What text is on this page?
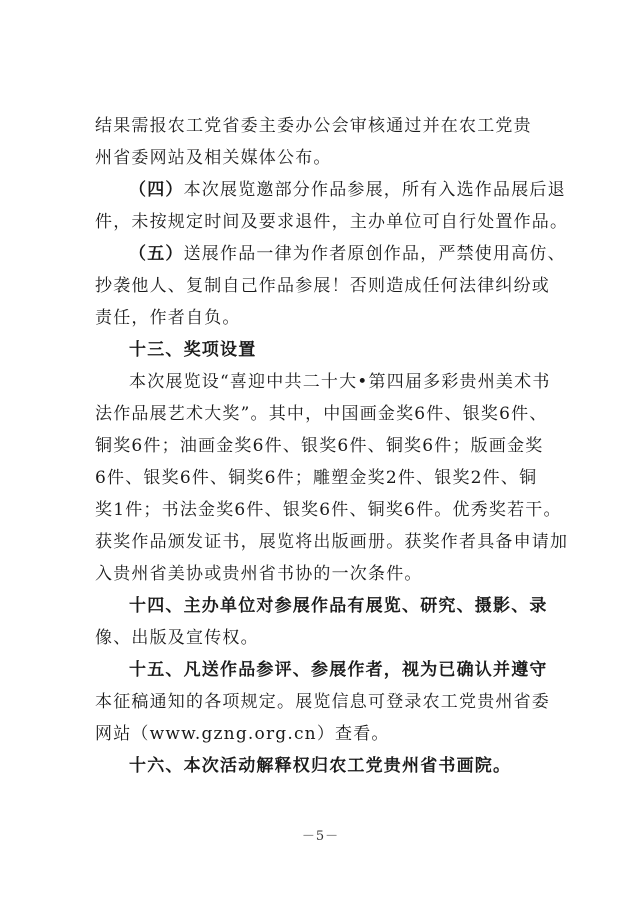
结果需报农工党省委主委办公会审核通过并在农工党贵
州省委网站及相关媒体公布。
（四）本次展览邀部分作品参展，所有入选作品展后退
件，未按规定时间及要求退件，主办单位可自行处置作品。
（五）送展作品一律为作者原创作品，严禁使用高仿、
抄袭他人、复制自己作品参展！否则造成任何法律纠纷或
责任，作者自负。
十三、奖项设置
本次展览设“喜迎中共二十大•第四届多彩贵州美术书
法作品展艺术大奖”。其中，中国画金奖6件、银奖6件、
铜奖6件；油画金奖6件、银奖6件、铜奖6件；版画金奖
6件、银奖6件、铜奖6件；雕塑金奖2件、银奖2件、铜
奖1件；书法金奖6件、银奖6件、铜奖6件。优秀奖若干。
获奖作品颁发证书，展览将出版画册。获奖作者具备申请加
入贵州省美协或贵州省书协的一次条件。
十四、主办单位对参展作品有展览、研究、摄影、录
像、出版及宣传权。
十五、凡送作品参评、参展作者，视为已确认并遵守
本征稿通知的各项规定。展览信息可登录农工党贵州省委
网站（www.gzng.org.cn）查看。
十六、本次活动解释权归农工党贵州省书画院。
－5－
